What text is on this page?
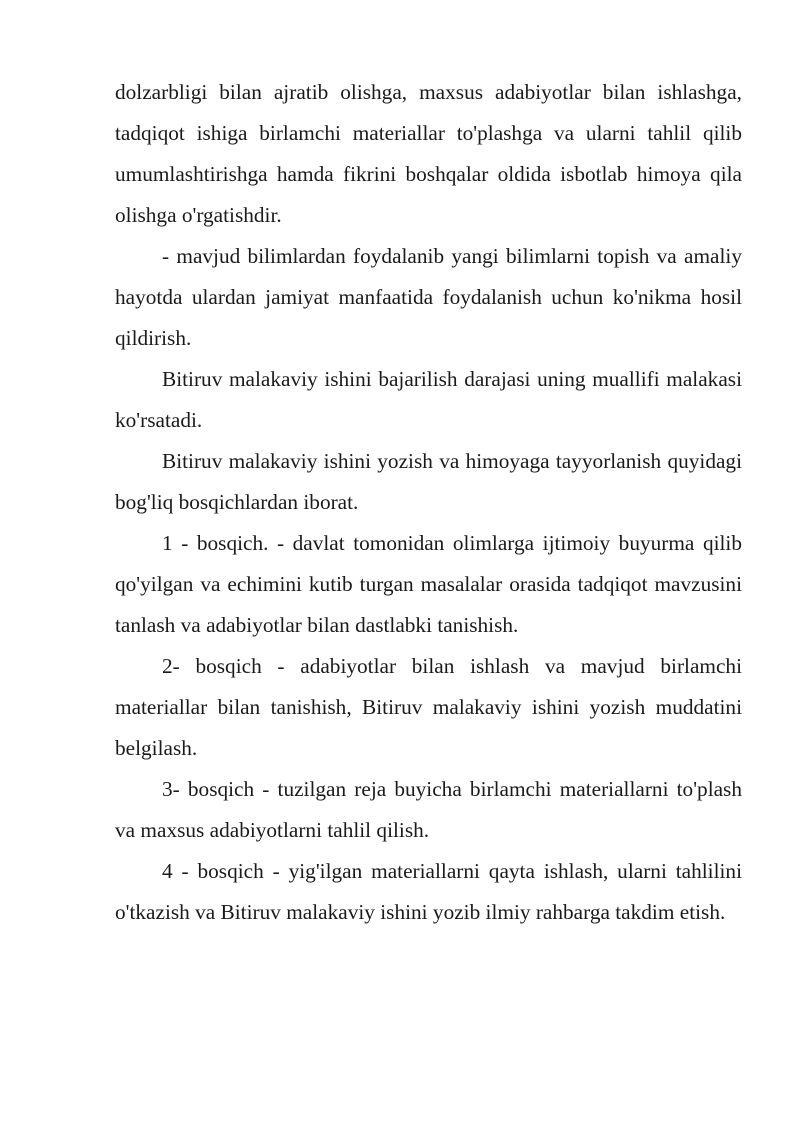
dolzarbligi bilan ajratib olishga, maxsus adabiyotlar bilan ishlashga, tadqiqot ishiga birlamchi materiallar to'plashga va ularni tahlil qilib umumlashtirishga hamda fikrini boshqalar oldida isbotlab himoya qila olishga o'rgatishdir.

- mavjud bilimlardan foydalanib yangi bilimlarni topish va amaliy hayotda ulardan jamiyat manfaatida foydalanish uchun ko'nikma hosil qildirish.

Bitiruv malakaviy ishini bajarilish darajasi uning muallifi malakasi ko'rsatadi.

Bitiruv malakaviy ishini yozish va himoyaga tayyorlanish quyidagi bog'liq bosqichlardan iborat.

1 - bosqich. - davlat tomonidan olimlarga ijtimoiy buyurma qilib qo'yilgan va echimini kutib turgan masalalar orasida tadqiqot mavzusini tanlash va adabiyotlar bilan dastlabki tanishish.

2- bosqich - adabiyotlar bilan ishlash va mavjud birlamchi materiallar bilan tanishish, Bitiruv malakaviy ishini yozish muddatini belgilash.

3- bosqich - tuzilgan reja buyicha birlamchi materiallarni to'plash va maxsus adabiyotlarni tahlil qilish.

4 - bosqich - yig'ilgan materiallarni qayta ishlash, ularni tahlilini o'tkazish va Bitiruv malakaviy ishini yozib ilmiy rahbarga takdim etish.
